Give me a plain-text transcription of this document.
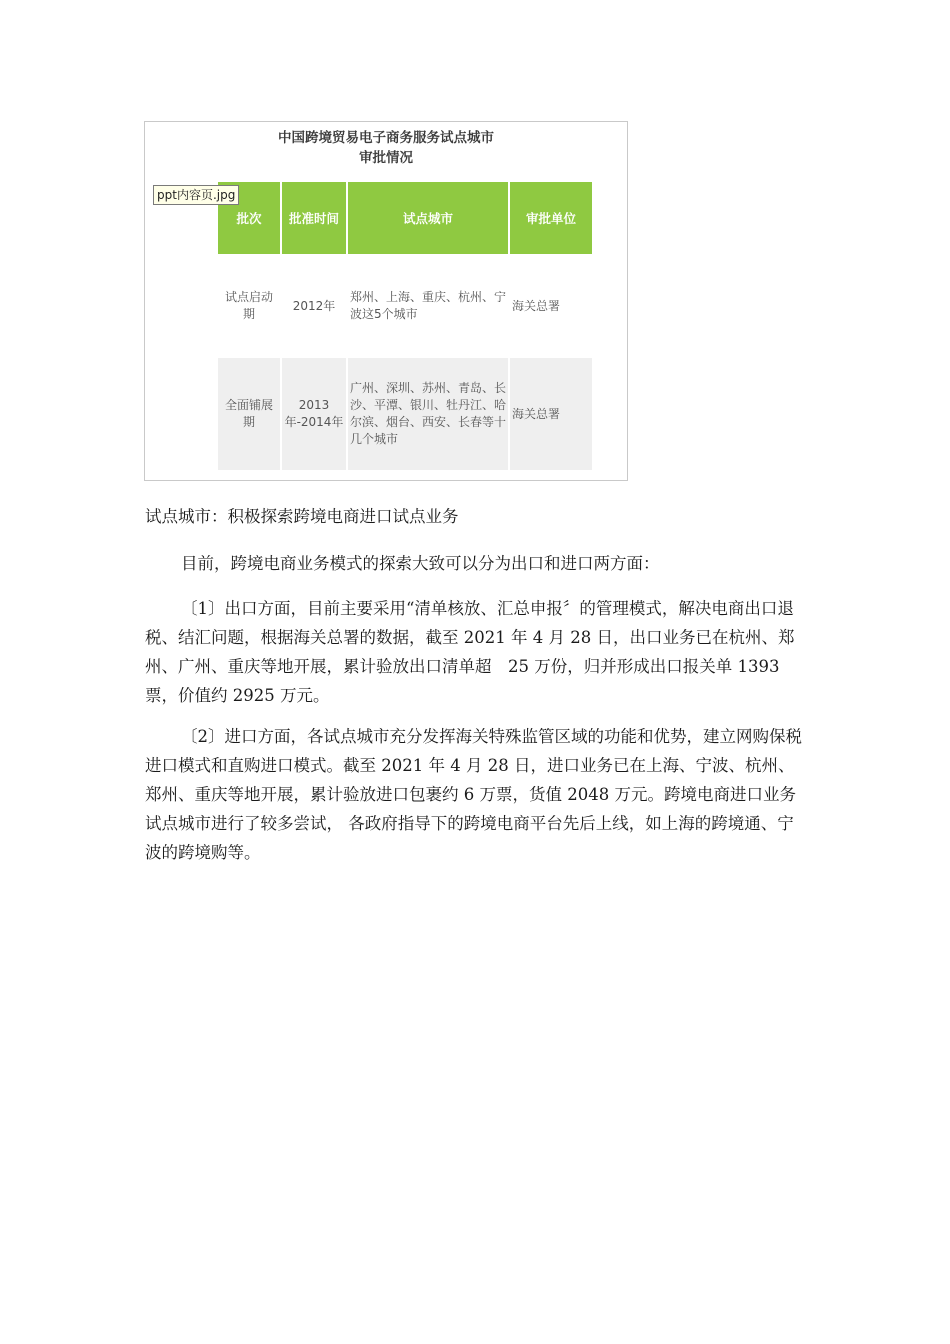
中国跨境贸易电子商务服务试点城市
审批情况
ppt内容页.jpg
批次	批准时间	试点城市	审批单位
试点启动期	2012年	郑州、上海、重庆、杭州、宁波这5个城市	海关总署
全面铺展期	2013年-2014年	广州、深圳、苏州、青岛、长沙、平潭、银川、牡丹江、哈尔滨、烟台、西安、长春等十几个城市	海关总署
试点城市：积极探索跨境电商进口试点业务

目前，跨境电商业务模式的探索大致可以分为出口和进口两方面：

〔1〕出口方面，目前主要采用“清单核放、汇总申报〞的管理模式，解决电商出口退税、结汇问题，根据海关总署的数据，截至 2021 年 4 月 28 日，出口业务已在杭州、郑州、广州、重庆等地开展，累计验放出口清单超　25 万份，归并形成出口报关单 1393 票，价值约 2925 万元。

〔2〕进口方面，各试点城市充分发挥海关特殊监管区域的功能和优势，建立网购保税进口模式和直购进口模式。截至 2021 年 4 月 28 日，进口业务已在上海、宁波、杭州、郑州、重庆等地开展，累计验放进口包裹约 6 万票，货值 2048 万元。跨境电商进口业务试点城市进行了较多尝试， 各政府指导下的跨境电商平台先后上线，如上海的跨境通、宁波的跨境购等。
